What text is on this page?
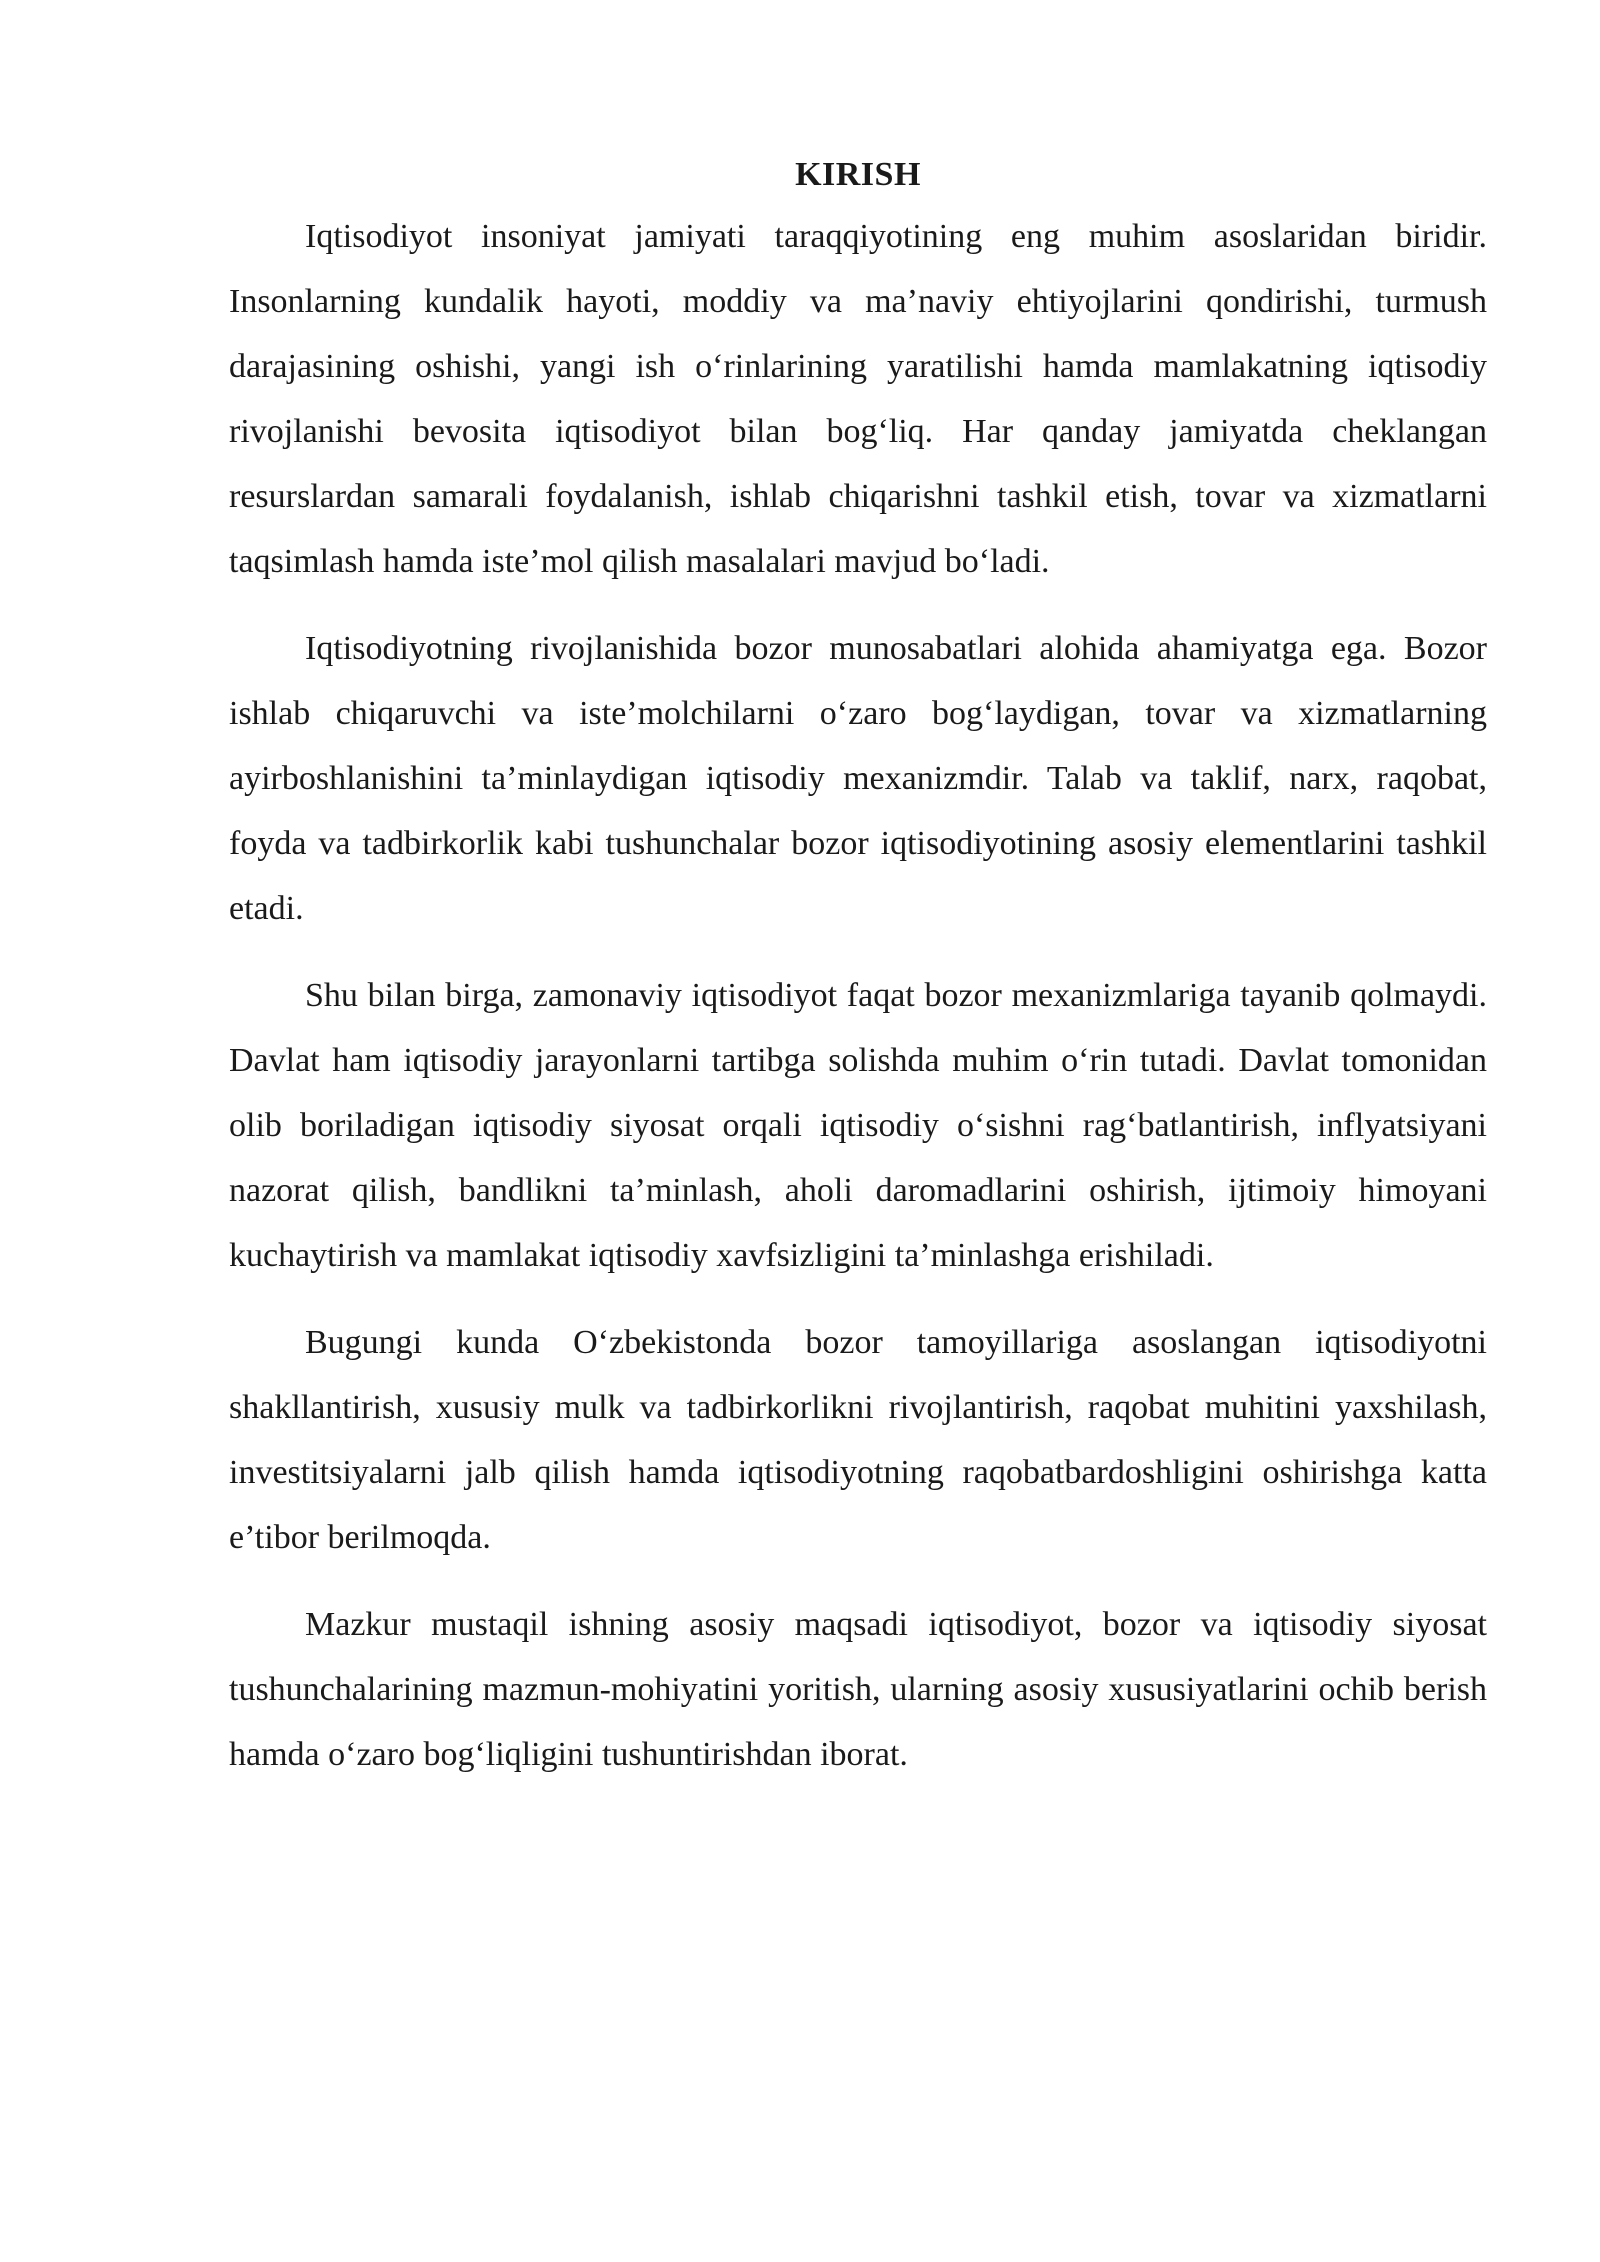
KIRISH

Iqtisodiyot insoniyat jamiyati taraqqiyotining eng muhim asoslaridan biridir. Insonlarning kundalik hayoti, moddiy va ma’naviy ehtiyojlarini qondirishi, turmush darajasining oshishi, yangi ish o‘rinlarining yaratilishi hamda mamlakatning iqtisodiy rivojlanishi bevosita iqtisodiyot bilan bog‘liq. Har qanday jamiyatda cheklangan resurslardan samarali foydalanish, ishlab chiqarishni tashkil etish, tovar va xizmatlarni taqsimlash hamda iste’mol qilish masalalari mavjud bo‘ladi.

Iqtisodiyotning rivojlanishida bozor munosabatlari alohida ahamiyatga ega. Bozor ishlab chiqaruvchi va iste’molchilarni o‘zaro bog‘laydigan, tovar va xizmatlarning ayirboshlanishini ta’minlaydigan iqtisodiy mexanizmdir. Talab va taklif, narx, raqobat, foyda va tadbirkorlik kabi tushunchalar bozor iqtisodiyotining asosiy elementlarini tashkil etadi.

Shu bilan birga, zamonaviy iqtisodiyot faqat bozor mexanizmlariga tayanib qolmaydi. Davlat ham iqtisodiy jarayonlarni tartibga solishda muhim o‘rin tutadi. Davlat tomonidan olib boriladigan iqtisodiy siyosat orqali iqtisodiy o‘sishni rag‘batlantirish, inflyatsiyani nazorat qilish, bandlikni ta’minlash, aholi daromadlarini oshirish, ijtimoiy himoyani kuchaytirish va mamlakat iqtisodiy xavfsizligini ta’minlashga erishiladi.

Bugungi kunda O‘zbekistonda bozor tamoyillariga asoslangan iqtisodiyotni shakllantirish, xususiy mulk va tadbirkorlikni rivojlantirish, raqobat muhitini yaxshilash, investitsiyalarni jalb qilish hamda iqtisodiyotning raqobatbardoshligini oshirishga katta e’tibor berilmoqda.

Mazkur mustaqil ishning asosiy maqsadi iqtisodiyot, bozor va iqtisodiy siyosat tushunchalarining mazmun-mohiyatini yoritish, ularning asosiy xususiyatlarini ochib berish hamda o‘zaro bog‘liqligini tushuntirishdan iborat.
